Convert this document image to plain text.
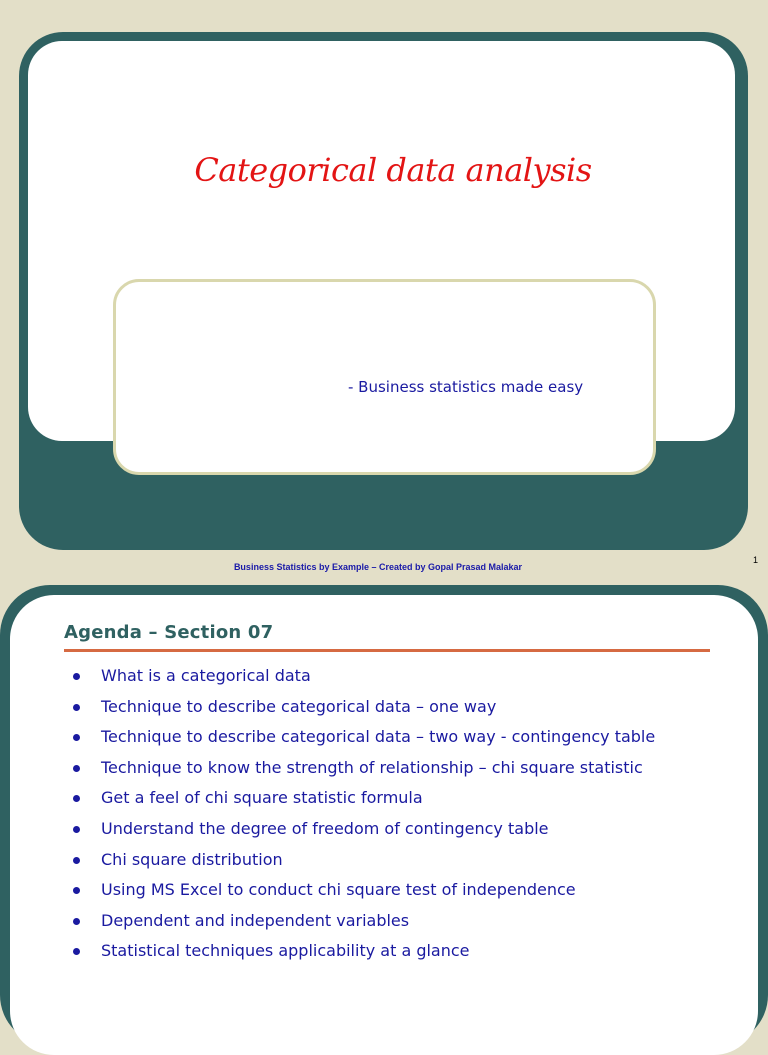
Categorical data analysis
- Business statistics made easy
Business Statistics by Example – Created by Gopal Prasad Malakar
1
Agenda – Section 07
What is a categorical data
Technique to describe categorical data – one way
Technique to describe categorical data – two way - contingency table
Technique to know the strength of relationship – chi square statistic
Get a feel of chi square statistic formula
Understand the degree of freedom of contingency table
Chi square distribution
Using MS Excel to conduct chi square test of independence
Dependent and independent variables
Statistical techniques applicability at a glance
